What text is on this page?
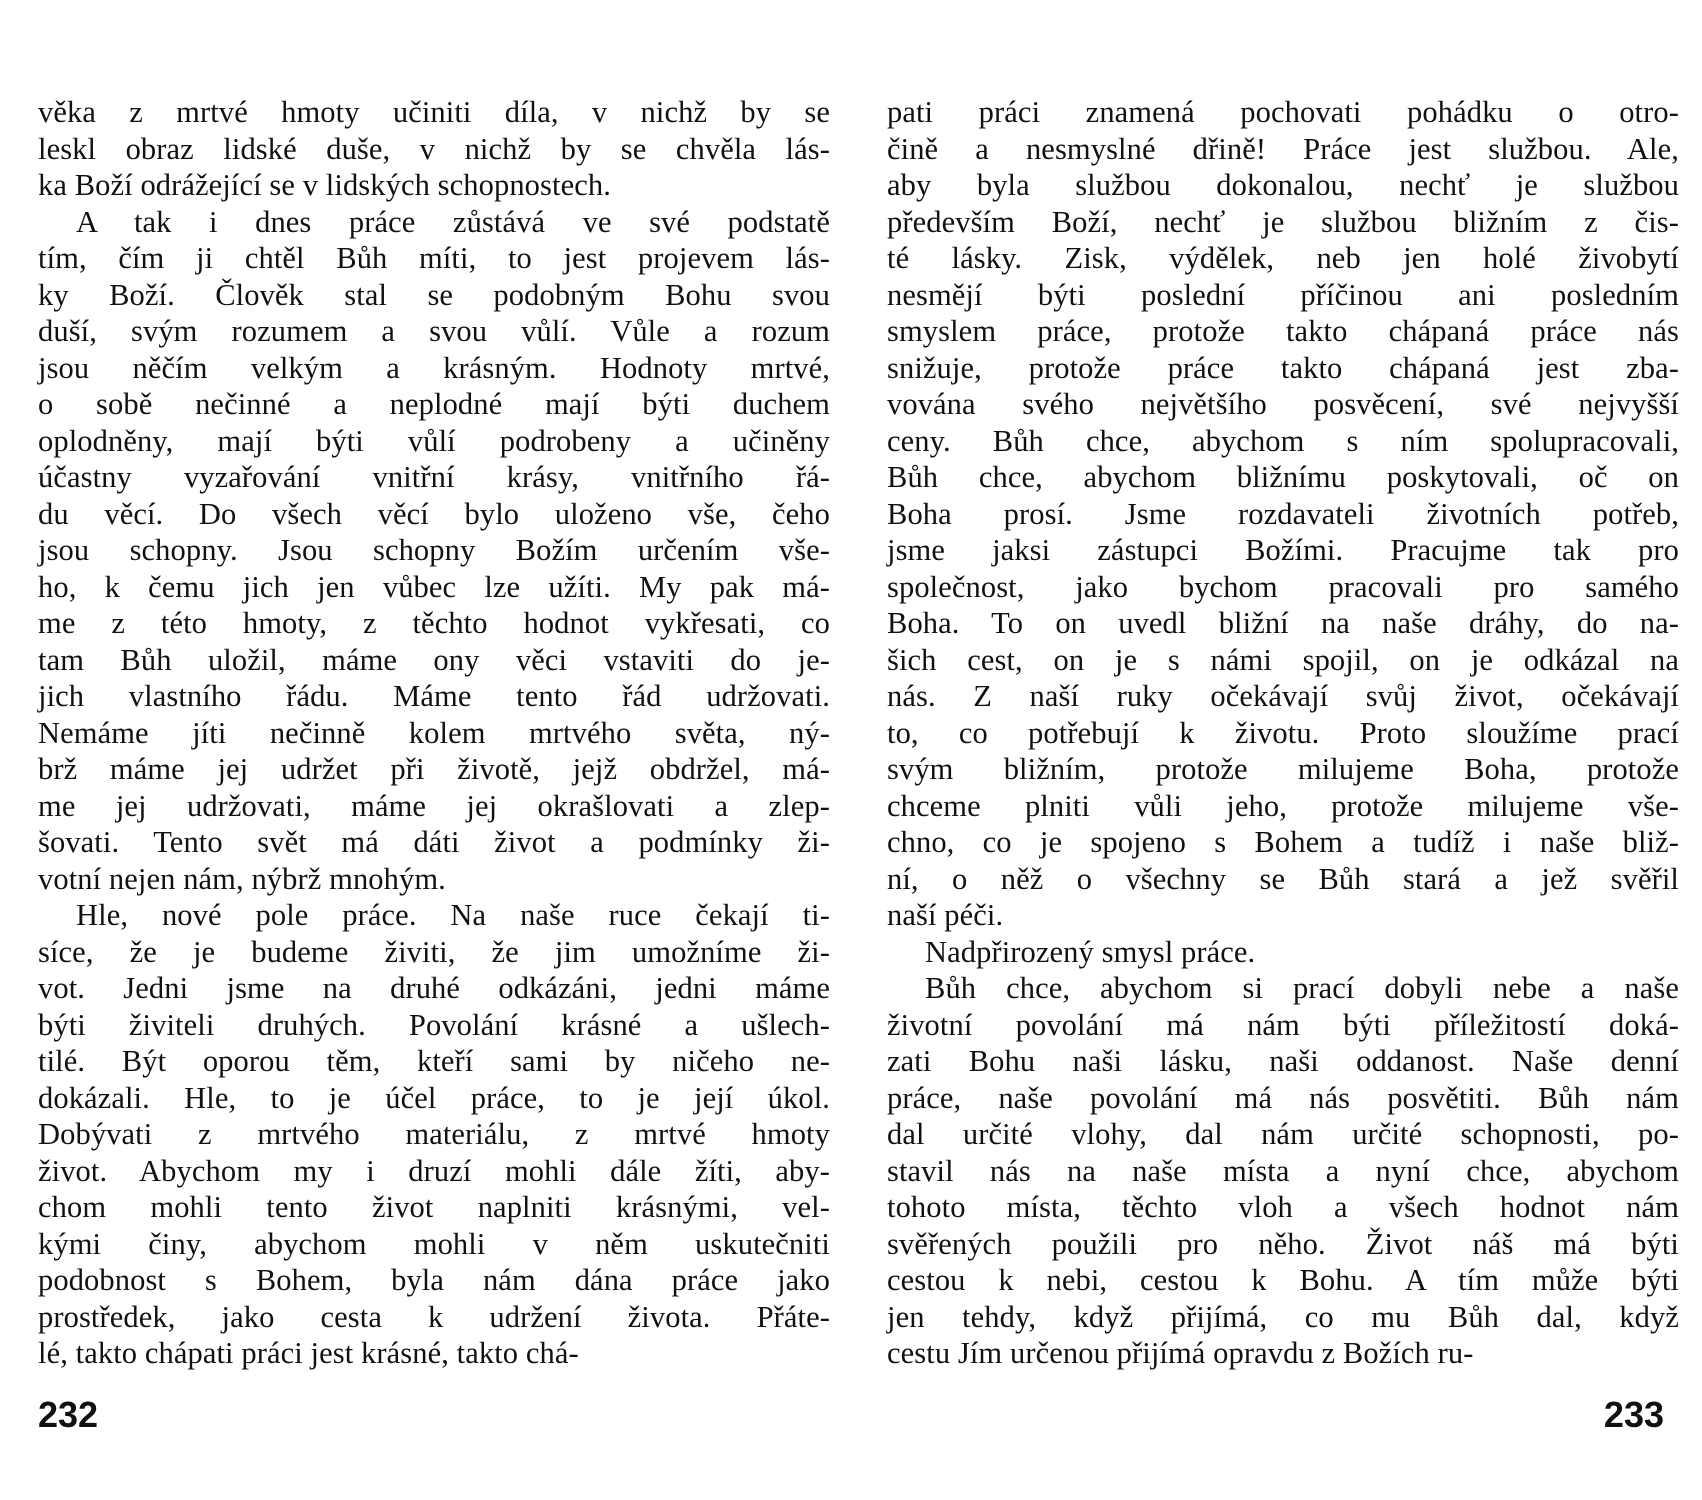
věka z mrtvé hmoty učiniti díla, v nichž by se
leskl obraz lidské duše, v nichž by se chvěla lás-
ka Boží odrážející se v lidských schopnostech.
A tak i dnes práce zůstává ve své podstatě
tím, čím ji chtěl Bůh míti, to jest projevem lás-
ky Boží. Člověk stal se podobným Bohu svou
duší, svým rozumem a svou vůlí. Vůle a rozum
jsou něčím velkým a krásným. Hodnoty mrtvé,
o sobě nečinné a neplodné mají býti duchem
oplodněny, mají býti vůlí podrobeny a učiněny
účastny vyzařování vnitřní krásy, vnitřního řá-
du věcí. Do všech věcí bylo uloženo vše, čeho
jsou schopny. Jsou schopny Božím určením vše-
ho, k čemu jich jen vůbec lze užíti. My pak má-
me z této hmoty, z těchto hodnot vykřesati, co
tam Bůh uložil, máme ony věci vstaviti do je-
jich vlastního řádu. Máme tento řád udržovati.
Nemáme jíti nečinně kolem mrtvého světa, ný-
brž máme jej udržet při životě, jejž obdržel, má-
me jej udržovati, máme jej okrašlovati a zlep-
šovati. Tento svět má dáti život a podmínky ži-
votní nejen nám, nýbrž mnohým.
Hle, nové pole práce. Na naše ruce čekají ti-
síce, že je budeme živiti, že jim umožníme ži-
vot. Jedni jsme na druhé odkázáni, jedni máme
býti živiteli druhých. Povolání krásné a ušlech-
tilé. Být oporou těm, kteří sami by ničeho ne-
dokázali. Hle, to je účel práce, to je její úkol.
Dobývati z mrtvého materiálu, z mrtvé hmoty
život. Abychom my i druzí mohli dále žíti, aby-
chom mohli tento život naplniti krásnými, vel-
kými činy, abychom mohli v něm uskutečniti
podobnost s Bohem, byla nám dána práce jako
prostředek, jako cesta k udržení života. Přáte-
lé, takto chápati práci jest krásné, takto chá-
232
pati práci znamená pochovati pohádku o otro-
čině a nesmyslné dřině! Práce jest službou. Ale,
aby byla službou dokonalou, nechť je službou
především Boží, nechť je službou bližním z čis-
té lásky. Zisk, výdělek, neb jen holé živobytí
nesmějí býti poslední příčinou ani posledním
smyslem práce, protože takto chápaná práce nás
snižuje, protože práce takto chápaná jest zba-
vována svého největšího posvěcení, své nejvyšší
ceny. Bůh chce, abychom s ním spolupracovali,
Bůh chce, abychom bližnímu poskytovali, oč on
Boha prosí. Jsme rozdavateli životních potřeb,
jsme jaksi zástupci Božími. Pracujme tak pro
společnost, jako bychom pracovali pro samého
Boha. To on uvedl bližní na naše dráhy, do na-
šich cest, on je s námi spojil, on je odkázal na
nás. Z naší ruky očekávají svůj život, očekávají
to, co potřebují k životu. Proto sloužíme prací
svým bližním, protože milujeme Boha, protože
chceme plniti vůli jeho, protože milujeme vše-
chno, co je spojeno s Bohem a tudíž i naše bliž-
ní, o něž o všechny se Bůh stará a jež svěřil
naší péči.
Nadpřirozený smysl práce.
Bůh chce, abychom si prací dobyli nebe a naše
životní povolání má nám býti příležitostí doká-
zati Bohu naši lásku, naši oddanost. Naše denní
práce, naše povolání má nás posvětiti. Bůh nám
dal určité vlohy, dal nám určité schopnosti, po-
stavil nás na naše místa a nyní chce, abychom
tohoto místa, těchto vloh a všech hodnot nám
svěřených použili pro něho. Život náš má býti
cestou k nebi, cestou k Bohu. A tím může býti
jen tehdy, když přijímá, co mu Bůh dal, když
cestu Jím určenou přijímá opravdu z Božích ru-
233
